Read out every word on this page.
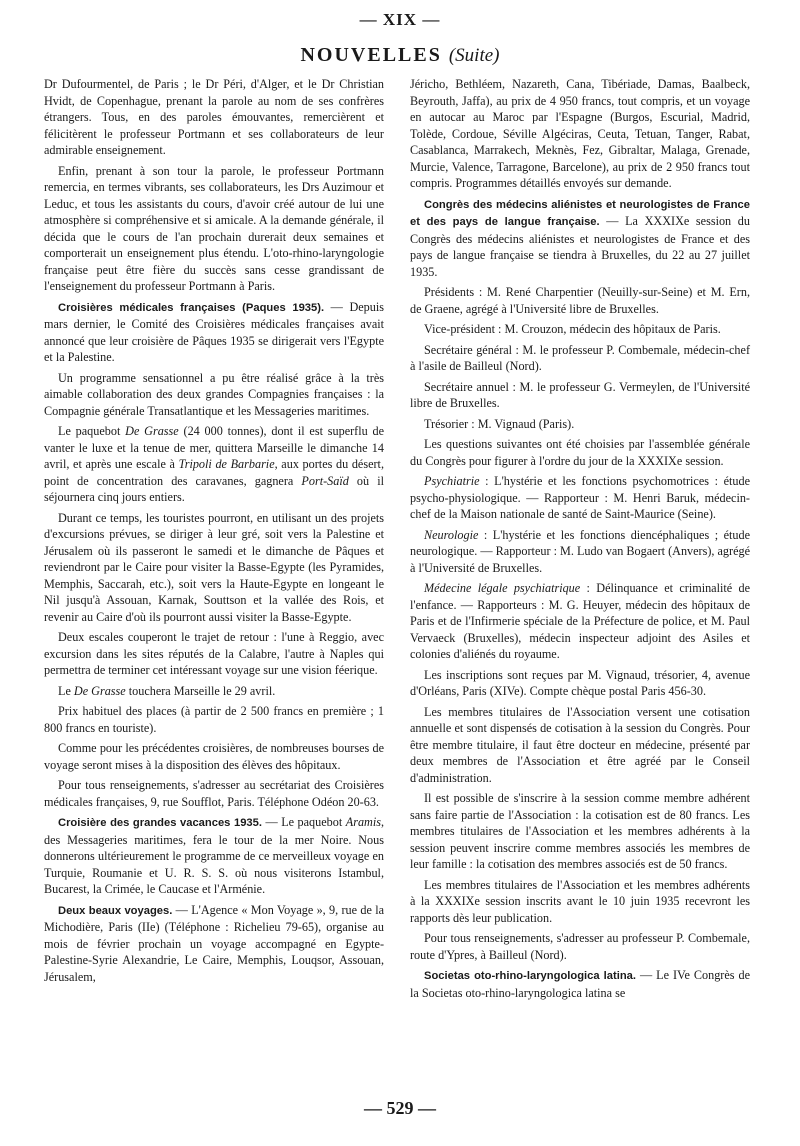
— XIX —
NOUVELLES (Suite)

Dr Dufourmentel, de Paris ; le Dr Péri, d'Alger, et le Dr Christian Hvidt, de Copenhague, prenant la parole au nom de ses confrères étrangers. Tous, en des paroles émouvantes, remercièrent et félicitèrent le professeur Portmann et ses collaborateurs de leur admirable enseignement.

Enfin, prenant à son tour la parole, le professeur Portmann remercia, en termes vibrants, ses collaborateurs, les Drs Auzimour et Leduc, et tous les assistants du cours, d'avoir créé autour de lui une atmosphère si compréhensive et si amicale. A la demande générale, il décida que le cours de l'an prochain durerait deux semaines et comporterait un enseignement plus étendu. L'oto-rhino-laryngologie française peut être fière du succès sans cesse grandissant de l'enseignement du professeur Portmann à Paris.

Croisières médicales françaises (Paques 1935). — Depuis mars dernier, le Comité des Croisières médicales françaises avait annoncé que leur croisière de Pâques 1935 se dirigerait vers l'Egypte et la Palestine.

Un programme sensationnel a pu être réalisé grâce à la très aimable collaboration des deux grandes Compagnies françaises : la Compagnie générale Transatlantique et les Messageries maritimes.

Le paquebot De Grasse (24 000 tonnes), dont il est superflu de vanter le luxe et la tenue de mer, quittera Marseille le dimanche 14 avril, et après une escale à Tripoli de Barbarie, aux portes du désert, point de concentration des caravanes, gagnera Port-Saïd où il séjournera cinq jours entiers.

Durant ce temps, les touristes pourront, en utilisant un des projets d'excursions prévues, se diriger à leur gré, soit vers la Palestine et Jérusalem où ils passeront le samedi et le dimanche de Pâques et reviendront par le Caire pour visiter la Basse-Egypte (les Pyramides, Memphis, Saccarah, etc.), soit vers la Haute-Egypte en longeant le Nil jusqu'à Assouan, Karnak, Souttson et la vallée des Rois, et revenir au Caire d'où ils pourront aussi visiter la Basse-Egypte.

Deux escales couperont le trajet de retour : l'une à Reggio, avec excursion dans les sites réputés de la Calabre, l'autre à Naples qui permettra de terminer cet intéressant voyage sur une vision féerique.

Le De Grasse touchera Marseille le 29 avril.

Prix habituel des places (à partir de 2 500 francs en première ; 1 800 francs en touriste).

Comme pour les précédentes croisières, de nombreuses bourses de voyage seront mises à la disposition des élèves des hôpitaux.

Pour tous renseignements, s'adresser au secrétariat des Croisières médicales françaises, 9, rue Soufflot, Paris. Téléphone Odéon 20-63.

Croisière des grandes vacances 1935. — Le paquebot Aramis, des Messageries maritimes, fera le tour de la mer Noire. Nous donnerons ultérieurement le programme de ce merveilleux voyage en Turquie, Roumanie et U. R. S. S. où nous visiterons Istambul, Bucarest, la Crimée, le Caucase et l'Arménie.

Deux beaux voyages. — L'Agence « Mon Voyage », 9, rue de la Michodière, Paris (IIe) (Téléphone : Richelieu 79-65), organise au mois de février prochain un voyage accompagné en Egypte-Palestine-Syrie Alexandrie, Le Caire, Memphis, Louqsor, Assouan, Jérusalem,

Jéricho, Bethléem, Nazareth, Cana, Tibériade, Damas, Baalbeck, Beyrouth, Jaffa), au prix de 4 950 francs, tout compris, et un voyage en autocar au Maroc par l'Espagne (Burgos, Escurial, Madrid, Tolède, Cordoue, Séville Algéciras, Ceuta, Tetuan, Tanger, Rabat, Casablanca, Marrakech, Meknès, Fez, Gibraltar, Malaga, Grenade, Murcie, Valence, Tarragone, Barcelone), au prix de 2 950 francs tout compris. Programmes détaillés envoyés sur demande.

Congrès des médecins aliénistes et neurologistes de France et des pays de langue française. — La XXXIXe session du Congrès des médecins aliénistes et neurologistes de France et des pays de langue française se tiendra à Bruxelles, du 22 au 27 juillet 1935.

Présidents : M. René Charpentier (Neuilly-sur-Seine) et M. Ern, de Graene, agrégé à l'Université libre de Bruxelles.

Vice-président : M. Crouzon, médecin des hôpitaux de Paris.

Secrétaire général : M. le professeur P. Combemale, médecin-chef à l'asile de Bailleul (Nord).

Secrétaire annuel : M. le professeur G. Vermeylen, de l'Université libre de Bruxelles.

Trésorier : M. Vignaud (Paris).

Les questions suivantes ont été choisies par l'assemblée générale du Congrès pour figurer à l'ordre du jour de la XXXIXe session.

Psychiatrie : L'hystérie et les fonctions psychomotrices : étude psycho-physiologique. — Rapporteur : M. Henri Baruk, médecin-chef de la Maison nationale de santé de Saint-Maurice (Seine).

Neurologie : L'hystérie et les fonctions diencéphaliques ; étude neurologique. — Rapporteur : M. Ludo van Bogaert (Anvers), agrégé à l'Université de Bruxelles.

Médecine légale psychiatrique : Délinquance et criminalité de l'enfance. — Rapporteurs : M. G. Heuyer, médecin des hôpitaux de Paris et de l'Infirmerie spéciale de la Préfecture de police, et M. Paul Vervaeck (Bruxelles), médecin inspecteur adjoint des Asiles et colonies d'aliénés du royaume.

Les inscriptions sont reçues par M. Vignaud, trésorier, 4, avenue d'Orléans, Paris (XIVe). Compte chèque postal Paris 456-30.

Les membres titulaires de l'Association versent une cotisation annuelle et sont dispensés de cotisation à la session du Congrès. Pour être membre titulaire, il faut être docteur en médecine, présenté par deux membres de l'Association et être agréé par le Conseil d'administration.

Il est possible de s'inscrire à la session comme membre adhérent sans faire partie de l'Association : la cotisation est de 80 francs. Les membres titulaires de l'Association et les membres adhérents à la session peuvent inscrire comme membres associés les membres de leur famille : la cotisation des membres associés est de 50 francs.

Les membres titulaires de l'Association et les membres adhérents à la XXXIXe session inscrits avant le 10 juin 1935 recevront les rapports dès leur publication.

Pour tous renseignements, s'adresser au professeur P. Combemale, route d'Ypres, à Bailleul (Nord).

Societas oto-rhino-laryngologica latina. — Le IVe Congrès de la Societas oto-rhino-laryngologica latina se

— 529 —
